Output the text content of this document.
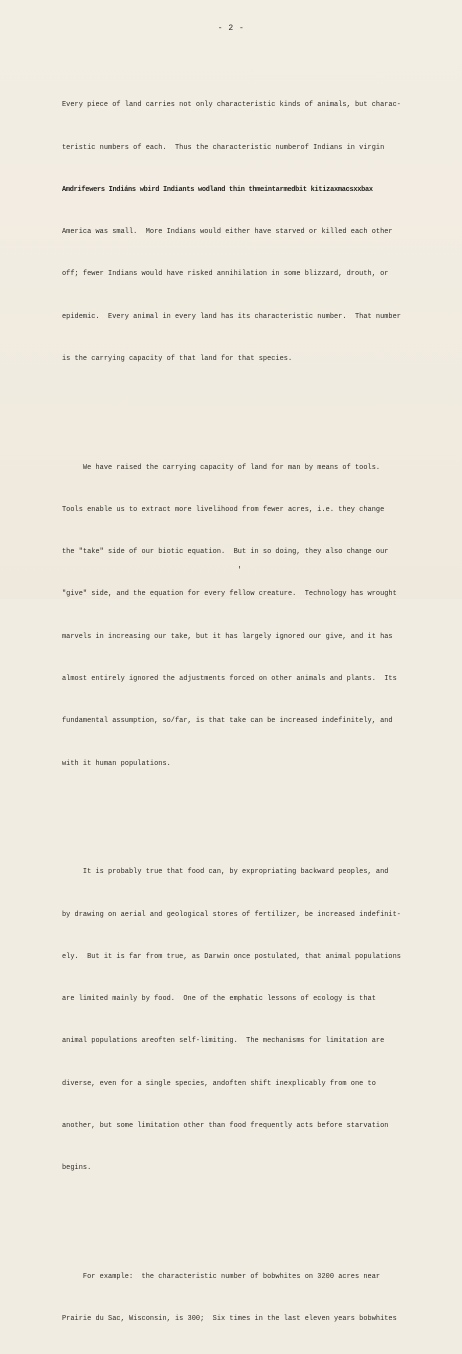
- 2 -

Every piece of land carries not only characteristic kinds of animals, but charac-

teristic numbers of each.  Thus the characteristic numberof Indians in virgin

Amdrifewers Indiáns wbird Indiants wodland thin thmeintarmedbit kitizaxmacsxxbax

America was small.  More Indians would either have starved or killed each other

off; fewer Indians would have risked annihilation in some blizzard, drouth, or

epidemic.  Every animal in every land has its characteristic number.  That number

is the carrying capacity of that land for that species.

We have raised the carrying capacity of land for man by means of tools.

Tools enable us to extract more livelihood from fewer acres, i.e. they change

the "take" side of our biotic equation.  But in so doing, they also change our

"give" side, and the equation for every fellow creature.  Technology has wrought

marvels in increasing our take, but it has largely ignored our give, and it has

almost entirely ignored the adjustments forced on other animals and plants.  Its

fundamental assumption, so/far, is that take can be increased indefinitely, and

with it human populations.

It is probably true that food can, by expropriating backward peoples, and

by drawing on aerial and geological stores of fertilizer, be increased indefinit-

ely.  But it is far from true, as Darwin once postulated, that animal populations

are limited mainly by food.  One of the emphatic lessons of ecology is that

animal populations areoften self-limiting.  The mechanisms for limitation are

diverse, even for a single species, andoften shift inexplicably from one to

another, but some limitation other than food frequently acts before starvation

begins.

For example:  the characteristic number of bobwhites on 3200 acres near

Prairie du Sac, Wisconsin, is 300;  Six times in the last eleven years bobwhites

'
